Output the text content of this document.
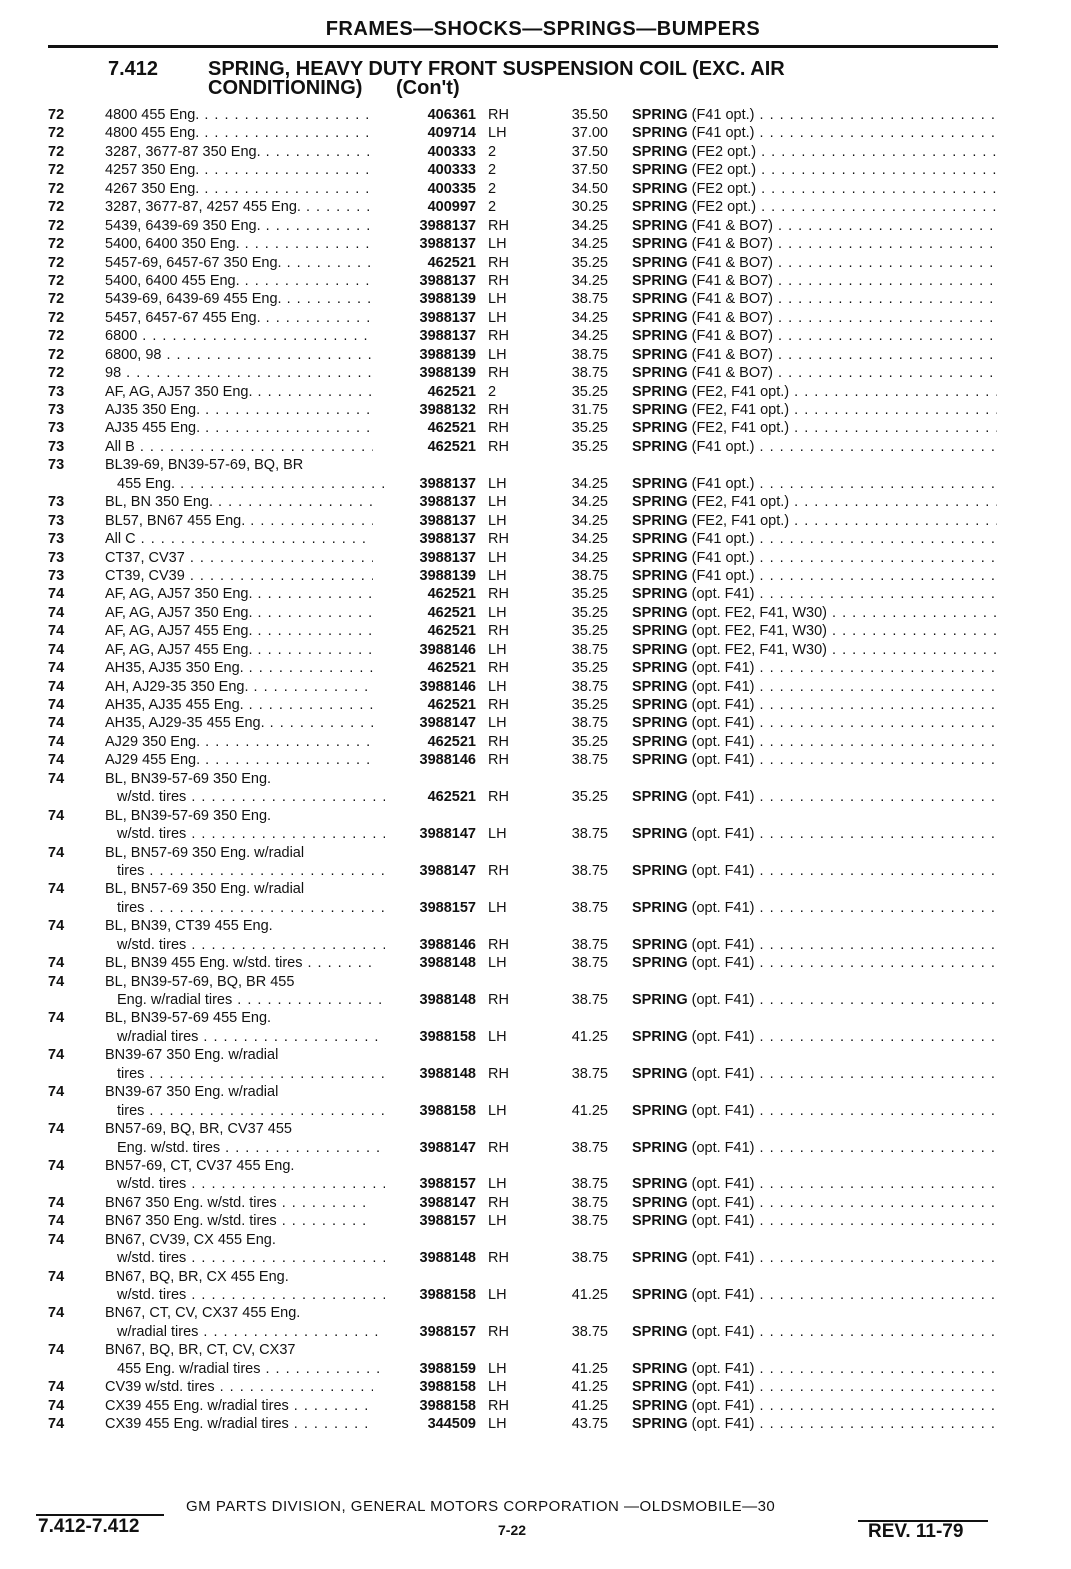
FRAMES—SHOCKS—SPRINGS—BUMPERS
7.412 SPRING, HEAVY DUTY FRONT SUSPENSION COIL (EXC. AIR
CONDITIONING) (Con't)
72	4800 455 Eng. . . .	406361 RH	35.50 SPRING (F41 opt.) . . .
72	4800 455 Eng. . . .	409714 LH	37.00 SPRING (F41 opt.) . . .
72	3287, 3677-87 350 Eng. . . .	400333 2	37.50 SPRING (FE2 opt.) . . .
72	4257 350 Eng. . . .	400333 2	37.50 SPRING (FE2 opt.) . . .
72	4267 350 Eng. . . .	400335 2	34.50 SPRING (FE2 opt.) . . .
72	3287, 3677-87, 4257 455 Eng. . . .	400997 2	30.25 SPRING (FE2 opt.) . . .
72	5439, 6439-69 350 Eng. . . .	3988137 RH	34.25 SPRING (F41 & BO7) . . .
72	5400, 6400 350 Eng. . . .	3988137 LH	34.25 SPRING (F41 & BO7) . . .
72	5457-69, 6457-67 350 Eng. . . .	462521 RH	35.25 SPRING (F41 & BO7) . . .
72	5400, 6400 455 Eng. . . .	3988137 RH	34.25 SPRING (F41 & BO7) . . .
72	5439-69, 6439-69 455 Eng. . . .	3988139 LH	38.75 SPRING (F41 & BO7) . . .
72	5457, 6457-67 455 Eng. . . .	3988137 LH	34.25 SPRING (F41 & BO7) . . .
72	6800 . . .	3988137 RH	34.25 SPRING (F41 & BO7) . . .
72	6800, 98 . . .	3988139 LH	38.75 SPRING (F41 & BO7) . . .
72	98 . . .	3988139 RH	38.75 SPRING (F41 & BO7) . . .
73	AF, AG, AJ57 350 Eng. . . .	462521 2	35.25 SPRING (FE2, F41 opt.) . . .
73	AJ35 350 Eng. . . .	3988132 RH	31.75 SPRING (FE2, F41 opt.) . . .
73	AJ35 455 Eng. . . .	462521 RH	35.25 SPRING (FE2, F41 opt.) . . .
73	All B . . .	462521 RH	35.25 SPRING (F41 opt.) . . .
73	BL39-69, BN39-57-69, BQ, BR
455 Eng. . . .	3988137 LH	34.25 SPRING (F41 opt.) . . .
73	BL, BN 350 Eng. . . .	3988137 LH	34.25 SPRING (FE2, F41 opt.) . . .
73	BL57, BN67 455 Eng. . . .	3988137 LH	34.25 SPRING (FE2, F41 opt.) . . .
73	All C . . .	3988137 RH	34.25 SPRING (F41 opt.) . . .
73	CT37, CV37 . . .	3988137 LH	34.25 SPRING (F41 opt.) . . .
73	CT39, CV39 . . .	3988139 LH	38.75 SPRING (F41 opt.) . . .
74	AF, AG, AJ57 350 Eng. . . .	462521 RH	35.25 SPRING (opt. F41) . . .
74	AF, AG, AJ57 350 Eng. . . .	462521 LH	35.25 SPRING (opt. FE2, F41, W30) . . .
74	AF, AG, AJ57 455 Eng. . . .	462521 RH	35.25 SPRING (opt. FE2, F41, W30) . . .
74	AF, AG, AJ57 455 Eng. . . .	3988146 LH	38.75 SPRING (opt. FE2, F41, W30) . . .
74	AH35, AJ35 350 Eng. . . .	462521 RH	35.25 SPRING (opt. F41) . . .
74	AH, AJ29-35 350 Eng. . . .	3988146 LH	38.75 SPRING (opt. F41) . . .
74	AH35, AJ35 455 Eng. . . .	462521 RH	35.25 SPRING (opt. F41) . . .
74	AH35, AJ29-35 455 Eng. . . .	3988147 LH	38.75 SPRING (opt. F41) . . .
74	AJ29 350 Eng. . . .	462521 RH	35.25 SPRING (opt. F41) . . .
74	AJ29 455 Eng. . . .	3988146 RH	38.75 SPRING (opt. F41) . . .
74	BL, BN39-57-69 350 Eng.
w/std. tires . . .	462521 RH	35.25 SPRING (opt. F41) . . .
74	BL, BN39-57-69 350 Eng.
w/std. tires . . .	3988147 LH	38.75 SPRING (opt. F41) . . .
74	BL, BN57-69 350 Eng. w/radial
tires . . .	3988147 RH	38.75 SPRING (opt. F41) . . .
74	BL, BN57-69 350 Eng. w/radial
tires . . .	3988157 LH	38.75 SPRING (opt. F41) . . .
74	BL, BN39, CT39 455 Eng.
w/std. tires . . .	3988146 RH	38.75 SPRING (opt. F41) . . .
74	BL, BN39 455 Eng. w/std. tires . . .	3988148 LH	38.75 SPRING (opt. F41) . . .
74	BL, BN39-57-69, BQ, BR 455
Eng. w/radial tires . . .	3988148 RH	38.75 SPRING (opt. F41) . . .
74	BL, BN39-57-69 455 Eng.
w/radial tires . . .	3988158 LH	41.25 SPRING (opt. F41) . . .
74	BN39-67 350 Eng. w/radial
tires . . .	3988148 RH	38.75 SPRING (opt. F41) . . .
74	BN39-67 350 Eng. w/radial
tires . . .	3988158 LH	41.25 SPRING (opt. F41) . . .
74	BN57-69, BQ, BR, CV37 455
Eng. w/std. tires . . .	3988147 RH	38.75 SPRING (opt. F41) . . .
74	BN57-69, CT, CV37 455 Eng.
w/std. tires . . .	3988157 LH	38.75 SPRING (opt. F41) . . .
74	BN67 350 Eng. w/std. tires . . .	3988147 RH	38.75 SPRING (opt. F41) . . .
74	BN67 350 Eng. w/std. tires . . .	3988157 LH	38.75 SPRING (opt. F41) . . .
74	BN67, CV39, CX 455 Eng.
w/std. tires . . .	3988148 RH	38.75 SPRING (opt. F41) . . .
74	BN67, BQ, BR, CX 455 Eng.
w/std. tires . . .	3988158 LH	41.25 SPRING (opt. F41) . . .
74	BN67, CT, CV, CX37 455 Eng.
w/radial tires . . .	3988157 RH	38.75 SPRING (opt. F41) . . .
74	BN67, BQ, BR, CT, CV, CX37
455 Eng. w/radial tires . . .	3988159 LH	41.25 SPRING (opt. F41) . . .
74	CV39 w/std. tires . . .	3988158 LH	41.25 SPRING (opt. F41) . . .
74	CX39 455 Eng. w/radial tires . . .	3988158 RH	41.25 SPRING (opt. F41) . . .
74	CX39 455 Eng. w/radial tires . . .	344509 LH	43.75 SPRING (opt. F41) . . .
7.412-7.412
GM PARTS DIVISION, GENERAL MOTORS CORPORATION —OLDSMOBILE—30
7-22	REV. 11-79
